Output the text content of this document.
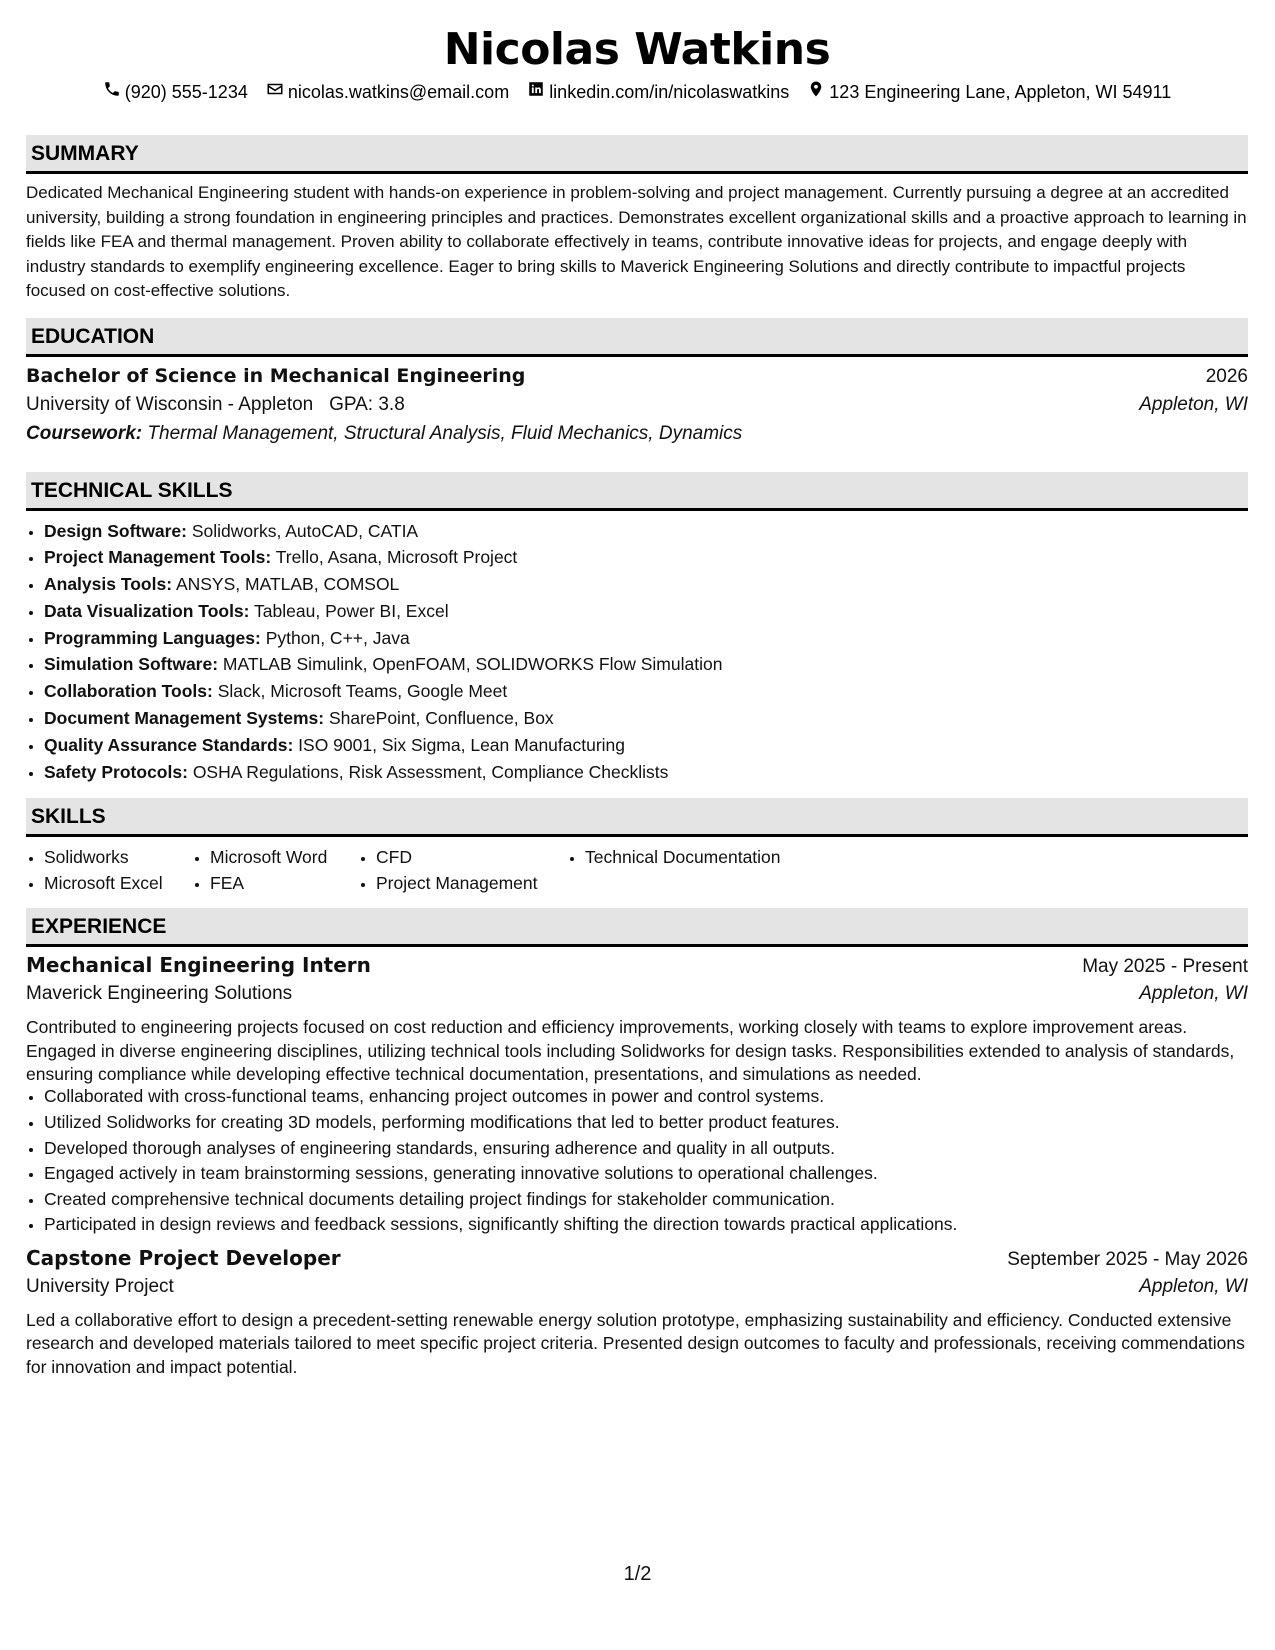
Nicolas Watkins
(920) 555-1234 nicolas.watkins@email.com linkedin.com/in/nicolaswatkins 123 Engineering Lane, Appleton, WI 54911
SUMMARY
Dedicated Mechanical Engineering student with hands-on experience in problem-solving and project management. Currently pursuing a degree at an accredited university, building a strong foundation in engineering principles and practices. Demonstrates excellent organizational skills and a proactive approach to learning in fields like FEA and thermal management. Proven ability to collaborate effectively in teams, contribute innovative ideas for projects, and engage deeply with industry standards to exemplify engineering excellence. Eager to bring skills to Maverick Engineering Solutions and directly contribute to impactful projects focused on cost-effective solutions.
EDUCATION
Bachelor of Science in Mechanical Engineering	2026
University of Wisconsin - Appleton GPA: 3.8	Appleton, WI
Coursework: Thermal Management, Structural Analysis, Fluid Mechanics, Dynamics
TECHNICAL SKILLS
• Design Software: Solidworks, AutoCAD, CATIA
• Project Management Tools: Trello, Asana, Microsoft Project
• Analysis Tools: ANSYS, MATLAB, COMSOL
• Data Visualization Tools: Tableau, Power BI, Excel
• Programming Languages: Python, C++, Java
• Simulation Software: MATLAB Simulink, OpenFOAM, SOLIDWORKS Flow Simulation
• Collaboration Tools: Slack, Microsoft Teams, Google Meet
• Document Management Systems: SharePoint, Confluence, Box
• Quality Assurance Standards: ISO 9001, Six Sigma, Lean Manufacturing
• Safety Protocols: OSHA Regulations, Risk Assessment, Compliance Checklists
SKILLS
• Solidworks
• Microsoft Excel
• Microsoft Word
• FEA
• CFD
• Project Management
• Technical Documentation
EXPERIENCE
Mechanical Engineering Intern	May 2025 - Present
Maverick Engineering Solutions	Appleton, WI
Contributed to engineering projects focused on cost reduction and efficiency improvements, working closely with teams to explore improvement areas. Engaged in diverse engineering disciplines, utilizing technical tools including Solidworks for design tasks. Responsibilities extended to analysis of standards, ensuring compliance while developing effective technical documentation, presentations, and simulations as needed.
• Collaborated with cross-functional teams, enhancing project outcomes in power and control systems.
• Utilized Solidworks for creating 3D models, performing modifications that led to better product features.
• Developed thorough analyses of engineering standards, ensuring adherence and quality in all outputs.
• Engaged actively in team brainstorming sessions, generating innovative solutions to operational challenges.
• Created comprehensive technical documents detailing project findings for stakeholder communication.
• Participated in design reviews and feedback sessions, significantly shifting the direction towards practical applications.
Capstone Project Developer	September 2025 - May 2026
University Project	Appleton, WI
Led a collaborative effort to design a precedent-setting renewable energy solution prototype, emphasizing sustainability and efficiency. Conducted extensive research and developed materials tailored to meet specific project criteria. Presented design outcomes to faculty and professionals, receiving commendations for innovation and impact potential.
1/2
